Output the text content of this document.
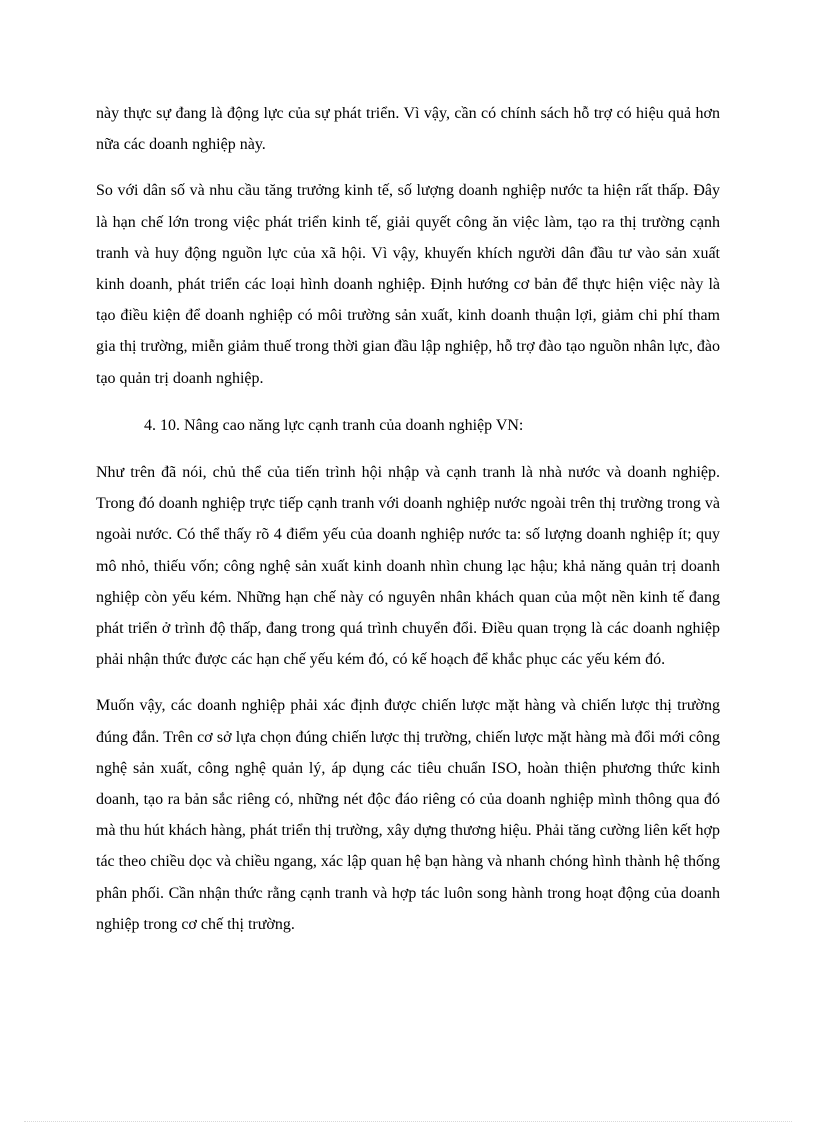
này thực sự đang là động lực của sự phát triển. Vì vậy, cần có chính sách hỗ trợ có hiệu quả hơn nữa các doanh nghiệp này.

So với dân số và nhu cầu tăng trưởng kinh tế, số lượng doanh nghiệp nước ta hiện rất thấp. Đây là hạn chế lớn trong việc phát triển kinh tế, giải quyết công ăn việc làm, tạo ra thị trường cạnh tranh và huy động nguồn lực của xã hội. Vì vậy, khuyến khích người dân đầu tư vào sản xuất kinh doanh, phát triển các loại hình doanh nghiệp. Định hướng cơ bản để thực hiện việc này là tạo điều kiện để doanh nghiệp có môi trường sản xuất, kinh doanh thuận lợi, giảm chi phí tham gia thị trường, miễn giảm thuế trong thời gian đầu lập nghiệp, hỗ trợ đào tạo nguồn nhân lực, đào tạo quản trị doanh nghiệp.

4. 10. Nâng cao năng lực cạnh tranh của doanh nghiệp VN:

Như trên đã nói, chủ thể của tiến trình hội nhập và cạnh tranh là nhà nước và doanh nghiệp. Trong đó doanh nghiệp trực tiếp cạnh tranh với doanh nghiệp nước ngoài trên thị trường trong và ngoài nước. Có thể thấy rõ 4 điểm yếu của doanh nghiệp nước ta: số lượng doanh nghiệp ít; quy mô nhỏ, thiếu vốn; công nghệ sản xuất kinh doanh nhìn chung lạc hậu; khả năng quản trị doanh nghiệp còn yếu kém. Những hạn chế này có nguyên nhân khách quan của một nền kinh tế đang phát triển ở trình độ thấp, đang trong quá trình chuyển đổi. Điều quan trọng là các doanh nghiệp phải nhận thức được các hạn chế yếu kém đó, có kế hoạch để khắc phục các yếu kém đó.

Muốn vậy, các doanh nghiệp phải xác định được chiến lược mặt hàng và chiến lược thị trường đúng đắn. Trên cơ sở lựa chọn đúng chiến lược thị trường, chiến lược mặt hàng mà đổi mới công nghệ sản xuất, công nghệ quản lý, áp dụng các tiêu chuẩn ISO, hoàn thiện phương thức kinh doanh, tạo ra bản sắc riêng có, những nét độc đáo riêng có của doanh nghiệp mình thông qua đó mà thu hút khách hàng, phát triển thị trường, xây dựng thương hiệu. Phải tăng cường liên kết hợp tác theo chiều dọc và chiều ngang, xác lập quan hệ bạn hàng và nhanh chóng hình thành hệ thống phân phối. Cần nhận thức rằng cạnh tranh và hợp tác luôn song hành trong hoạt động của doanh nghiệp trong cơ chế thị trường.
